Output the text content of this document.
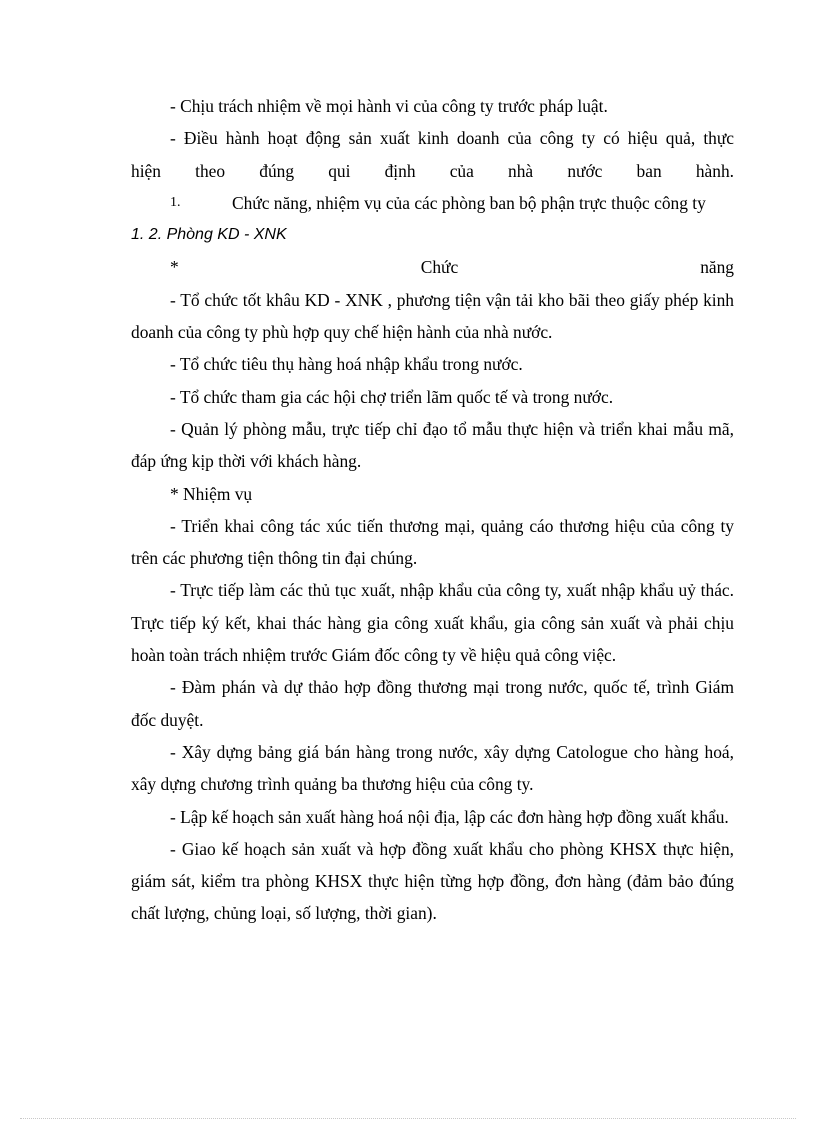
- Chịu trách nhiệm về mọi hành vi của công ty trước pháp luật.

- Điều hành hoạt động sản xuất kinh doanh của công ty có hiệu quả, thực

hiện theo đúng qui định của nhà nước ban hành.

1.	Chức năng, nhiệm vụ của các phòng ban bộ phận trực thuộc công ty

1. 2. Phòng KD - XNK

*	Chức	năng

- Tổ chức tốt khâu KD - XNK , phương tiện vận tải kho bãi theo giấy phép kinh doanh của công ty phù hợp quy chế hiện hành của nhà nước.

- Tổ chức tiêu thụ hàng hoá nhập khẩu trong nước.

- Tổ chức tham gia các hội chợ triển lãm quốc tế và trong nước.

- Quản lý phòng mẫu, trực tiếp chỉ đạo tổ mẫu thực hiện và triển khai mẫu mã, đáp ứng kịp thời với khách hàng.

* Nhiệm vụ

- Triển khai công tác xúc tiến thương mại, quảng cáo thương hiệu của công ty trên các phương tiện thông tin đại chúng.

- Trực tiếp làm các thủ tục xuất, nhập khẩu của công ty, xuất nhập khẩu uỷ thác. Trực tiếp ký kết, khai thác hàng gia công xuất khẩu, gia công sản xuất và phải chịu hoàn toàn trách nhiệm trước Giám đốc công ty về hiệu quả công việc.

- Đàm phán và dự thảo hợp đồng thương mại trong nước, quốc tế, trình Giám đốc duyệt.

- Xây dựng bảng giá bán hàng trong nước, xây dựng Catologue cho hàng hoá, xây dựng chương trình quảng ba thương hiệu của công ty.

- Lập kế hoạch sản xuất hàng hoá nội địa, lập các đơn hàng hợp đồng xuất khẩu.

- Giao kế hoạch sản xuất và hợp đồng xuất khẩu cho phòng KHSX thực hiện, giám sát, kiểm tra phòng KHSX thực hiện từng hợp đồng, đơn hàng (đảm bảo đúng chất lượng, chủng loại, số lượng, thời gian).
